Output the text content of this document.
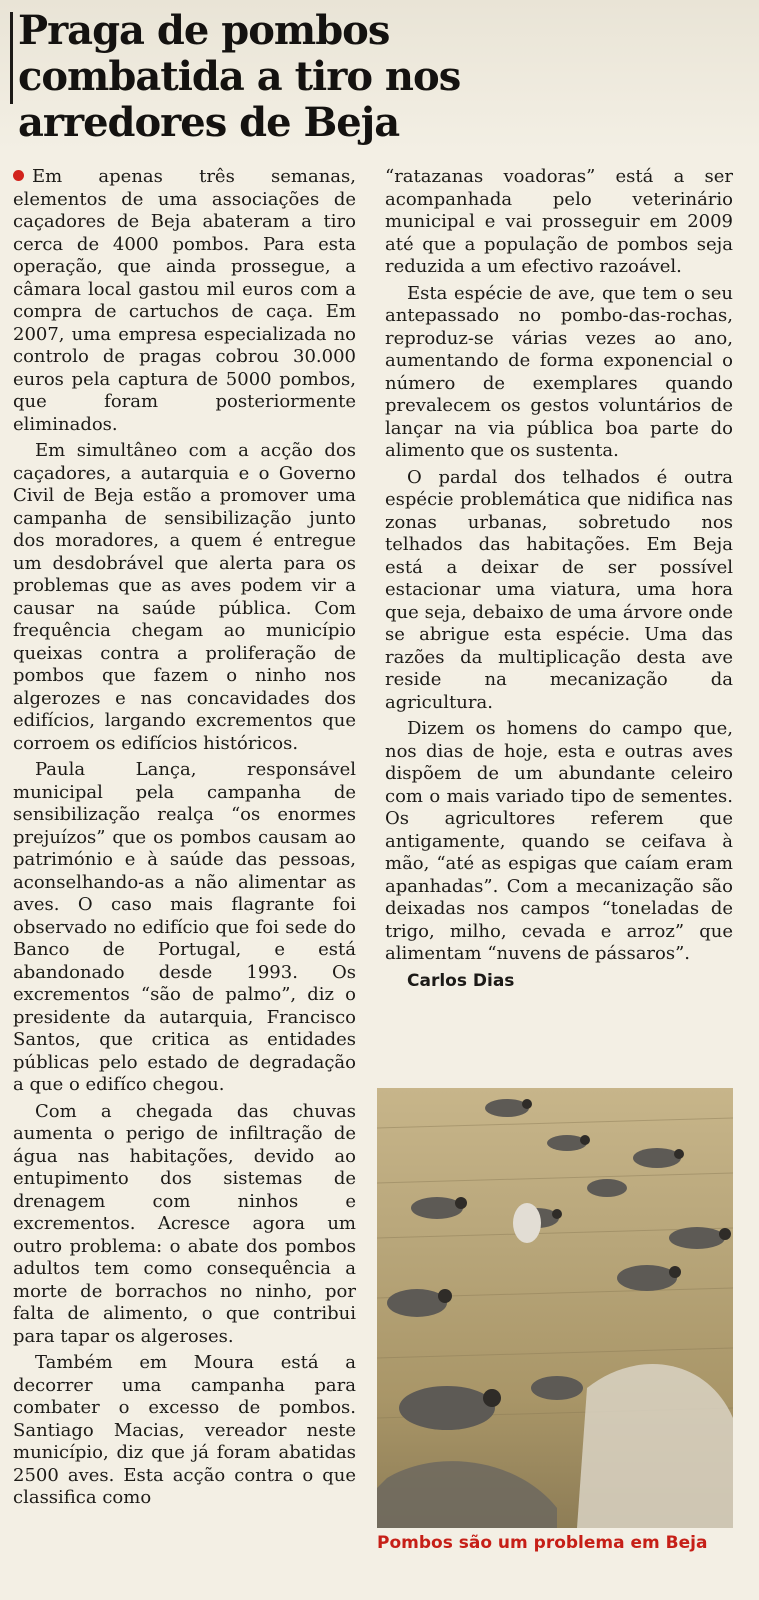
Praga de pombos combatida a tiro nos arredores de Beja

Em apenas três semanas, elementos de uma associações de caçadores de Beja abateram a tiro cerca de 4000 pombos. Para esta operação, que ainda prossegue, a câmara local gastou mil euros com a compra de cartuchos de caça. Em 2007, uma empresa especializada no controlo de pragas cobrou 30.000 euros pela captura de 5000 pombos, que foram posteriormente eliminados.

Em simultâneo com a acção dos caçadores, a autarquia e o Governo Civil de Beja estão a promover uma campanha de sensibilização junto dos moradores, a quem é entregue um desdobrável que alerta para os problemas que as aves podem vir a causar na saúde pública. Com frequência chegam ao município queixas contra a proliferação de pombos que fazem o ninho nos algerozes e nas concavidades dos edifícios, largando excrementos que corroem os edifícios históricos.

Paula Lança, responsável municipal pela campanha de sensibilização realça “os enormes prejuízos” que os pombos causam ao património e à saúde das pessoas, aconselhando-as a não alimentar as aves. O caso mais flagrante foi observado no edifício que foi sede do Banco de Portugal, e está abandonado desde 1993. Os excrementos “são de palmo”, diz o presidente da autarquia, Francisco Santos, que critica as entidades públicas pelo estado de degradação a que o edifíco chegou.

Com a chegada das chuvas aumenta o perigo de infiltração de água nas habitações, devido ao entupimento dos sistemas de drenagem com ninhos e excrementos. Acresce agora um outro problema: o abate dos pombos adultos tem como consequência a morte de borrachos no ninho, por falta de alimento, o que contribui para tapar os algeroses.

Também em Moura está a decorrer uma campanha para combater o excesso de pombos. Santiago Macias, vereador neste município, diz que já foram abatidas 2500 aves. Esta acção contra o que classifica como

“ratazanas voadoras” está a ser acompanhada pelo veterinário municipal e vai prosseguir em 2009 até que a população de pombos seja reduzida a um efectivo razoável.

Esta espécie de ave, que tem o seu antepassado no pombo-das-rochas, reproduz-se várias vezes ao ano, aumentando de forma exponencial o número de exemplares quando prevalecem os gestos voluntários de lançar na via pública boa parte do alimento que os sustenta.

O pardal dos telhados é outra espécie problemática que nidifica nas zonas urbanas, sobretudo nos telhados das habitações. Em Beja está a deixar de ser possível estacionar uma viatura, uma hora que seja, debaixo de uma árvore onde se abrigue esta espécie. Uma das razões da multiplicação desta ave reside na mecanização da agricultura.

Dizem os homens do campo que, nos dias de hoje, esta e outras aves dispõem de um abundante celeiro com o mais variado tipo de sementes. Os agricultores referem que antigamente, quando se ceifava à mão, “até as espigas que caíam eram apanhadas”. Com a mecanização são deixadas nos campos “toneladas de trigo, milho, cevada e arroz” que alimentam “nuvens de pássaros”.

Carlos Dias

Pombos são um problema em Beja
